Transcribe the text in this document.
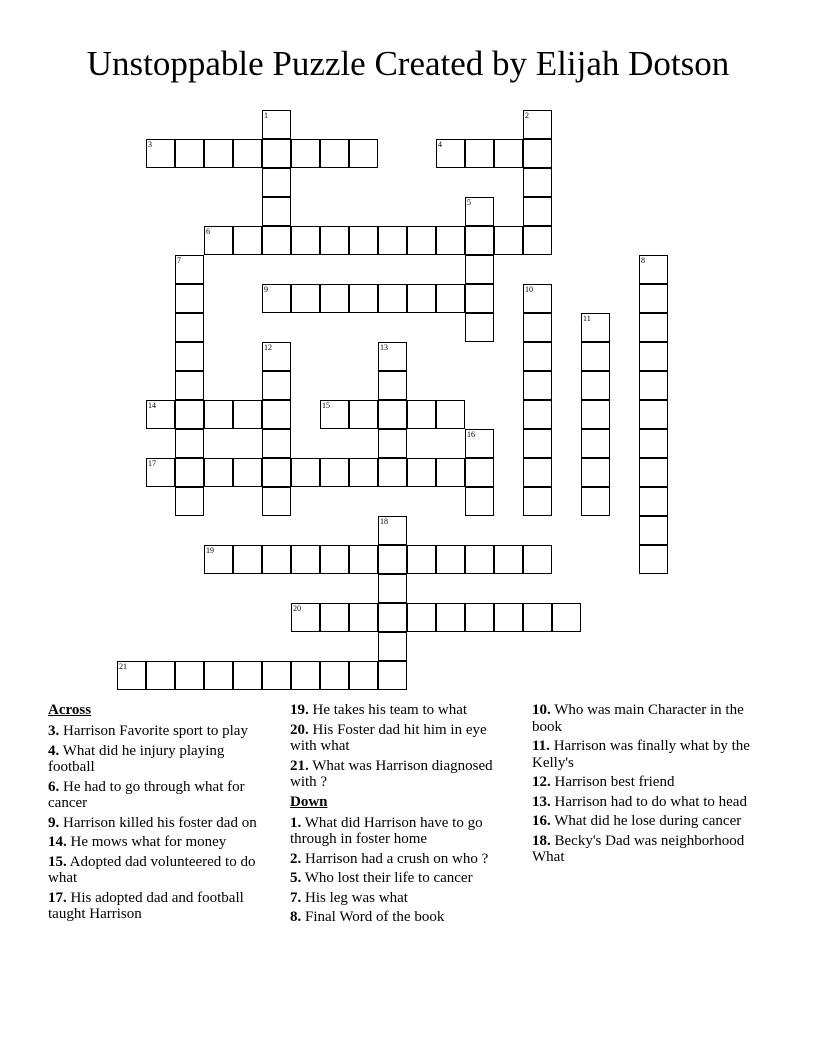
Unstoppable Puzzle Created by Elijah Dotson
3	4
6
9
14	15
17
19
20
21
1	2
5
7	8
10
11
12	13
16
18
Across
3. Harrison Favorite sport to play
4. What did he injury playing football
6. He had to go through what for cancer
9. Harrison killed his foster dad on
14. He mows what for money
15. Adopted dad volunteered to do what
17. His adopted dad and football taught Harrison
19. He takes his team to what
20. His Foster dad hit him in eye with what
21. What was Harrison diagnosed with ?
Down
1. What did Harrison have to go through in foster home
2. Harrison had a crush on who ?
5. Who lost their life to cancer
7. His leg was what
8. Final Word of the book
10. Who was main Character in the book
11. Harrison was finally what by the Kelly's
12. Harrison best friend
13. Harrison had to do what to head
16. What did he lose during cancer
18. Becky's Dad was neighborhood What
